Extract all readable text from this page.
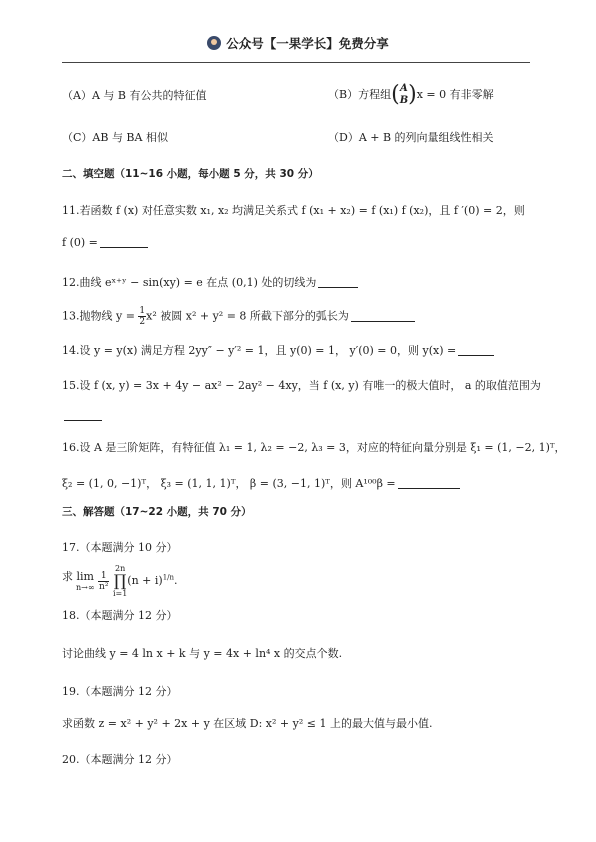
公众号【一果学长】免费分享
（A）A 与 B 有公共的特征值	（B）方程组( A
B )x = 0 有非零解
（C）AB 与 BA 相似	（D）A + B 的列向量组线性相关
二、填空题（11~16 小题，每小题 5 分，共 30 分）
11.若函数 f (x) 对任意实数 x₁, x₂ 均满足关系式 f (x₁ + x₂) = f (x₁) f (x₂)，且 f ′(0) = 2，则
f (0) =
12.曲线 eˣ⁺ʸ − sin(xy) = e 在点 (0,1) 处的切线为
13.抛物线 $y = \frac{1}{2} x^2$ 被圆 x² + y² = 8 所截下部分的弧长为
14.设 y = y(x) 满足方程 2yy″ − y′² = 1，且 y(0) = 1， y′(0) = 0，则 y(x) =
15.设 f (x, y) = 3x + 4y − ax² − 2ay² − 4xy，当 f (x, y) 有唯一的极大值时， a 的取值范围为
16.设 A 是三阶矩阵，有特征值 λ₁ = 1, λ₂ = −2, λ₃ = 3，对应的特征向量分别是 ξ₁ = (1, −2, 1)ᵀ，
ξ₂ = (1, 0, −1)ᵀ， ξ₃ = (1, 1, 1)ᵀ， β = (3, −1, 1)ᵀ，则 A¹⁰⁰β =
三、解答题（17~22 小题，共 70 分）
17.（本题满分 10 分）
求 lim
n→∞
$\frac{1}{\text{n²}}$

2n
∏
i=1
$(n + i)^{1/n}$.
18.（本题满分 12 分）
讨论曲线 y = 4 ln x + k 与 y = 4x + ln⁴ x 的交点个数.
19.（本题满分 12 分）
求函数 z = x² + y² + 2x + y 在区域 D: x² + y² ≤ 1 上的最大值与最小值.
20.（本题满分 12 分）
